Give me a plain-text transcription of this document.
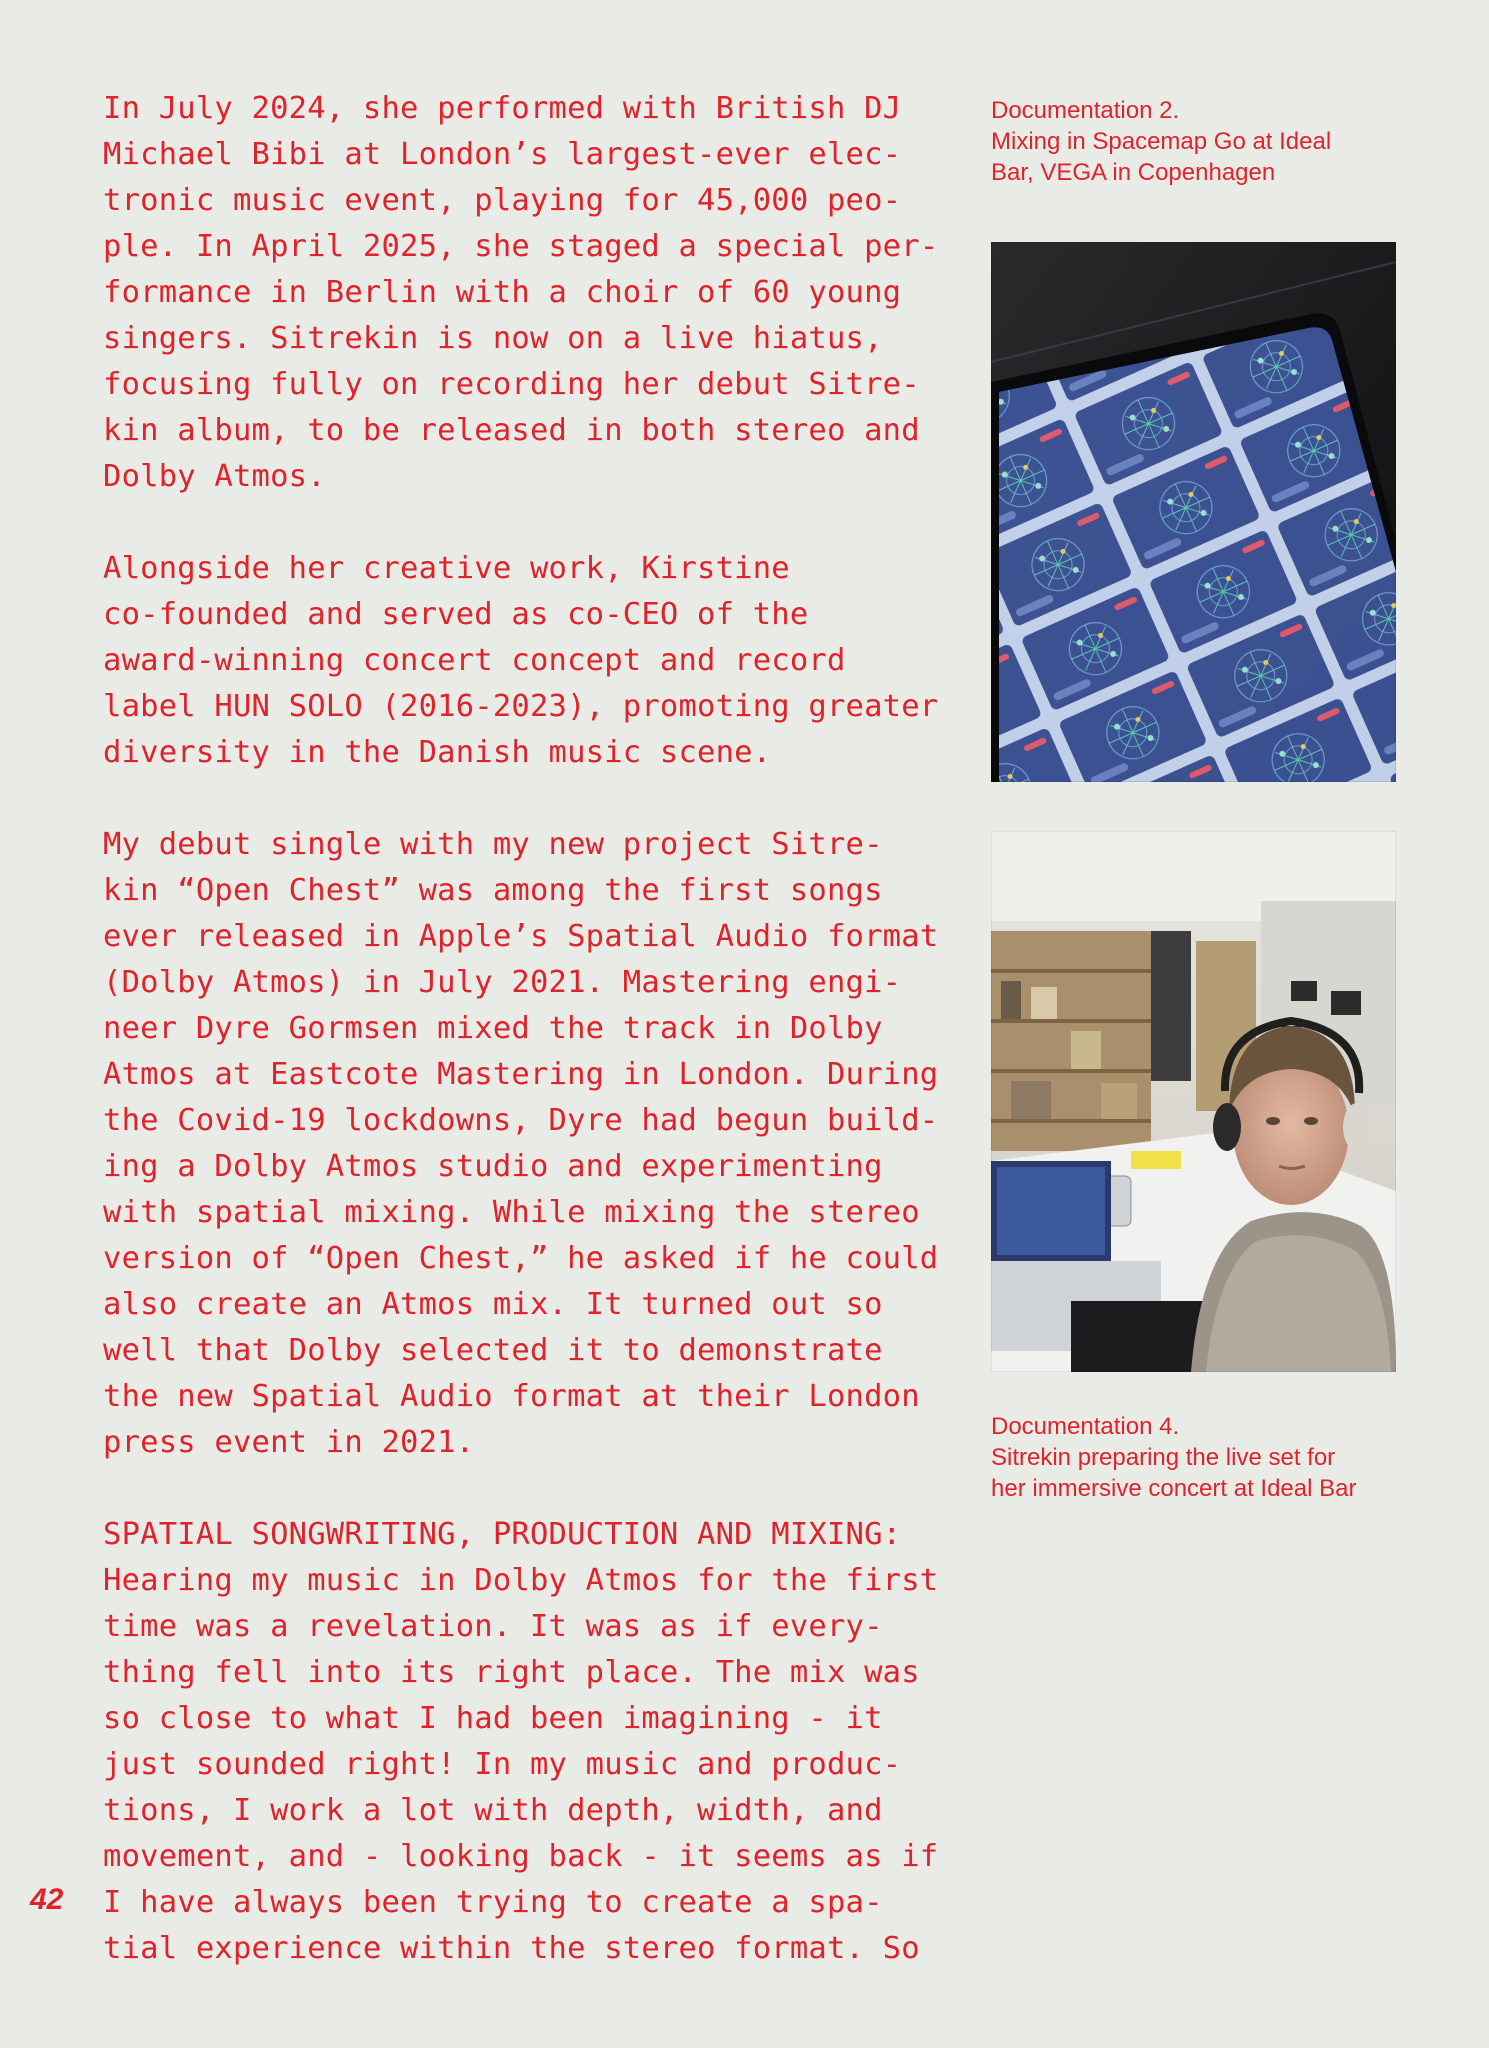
In July 2024, she performed with British DJ
Michael Bibi at London’s largest-ever elec-
tronic music event, playing for 45,000 peo-
ple. In April 2025, she staged a special per-
formance in Berlin with a choir of 60 young
singers. Sitrekin is now on a live hiatus,
focusing fully on recording her debut Sitre-
kin album, to be released in both stereo and
Dolby Atmos.
Alongside her creative work, Kirstine
co-founded and served as co-CEO of the
award-winning concert concept and record
label HUN SOLO (2016-2023), promoting greater
diversity in the Danish music scene.
My debut single with my new project Sitre-
kin “Open Chest” was among the first songs
ever released in Apple’s Spatial Audio format
(Dolby Atmos) in July 2021. Mastering engi-
neer Dyre Gormsen mixed the track in Dolby
Atmos at Eastcote Mastering in London. During
the Covid-19 lockdowns, Dyre had begun build-
ing a Dolby Atmos studio and experimenting
with spatial mixing. While mixing the stereo
version of “Open Chest,” he asked if he could
also create an Atmos mix. It turned out so
well that Dolby selected it to demonstrate
the new Spatial Audio format at their London
press event in 2021.
SPATIAL SONGWRITING, PRODUCTION AND MIXING:
Hearing my music in Dolby Atmos for the first
time was a revelation. It was as if every-
thing fell into its right place. The mix was
so close to what I had been imagining - it
just sounded right! In my music and produc-
tions, I work a lot with depth, width, and
movement, and - looking back - it seems as if
I have always been trying to create a spa-
tial experience within the stereo format. So
42
Documentation 2.
Mixing in Spacemap Go at Ideal
Bar, VEGA in Copenhagen
Documentation 4.
Sitrekin preparing the live set for
her immersive concert at Ideal Bar
